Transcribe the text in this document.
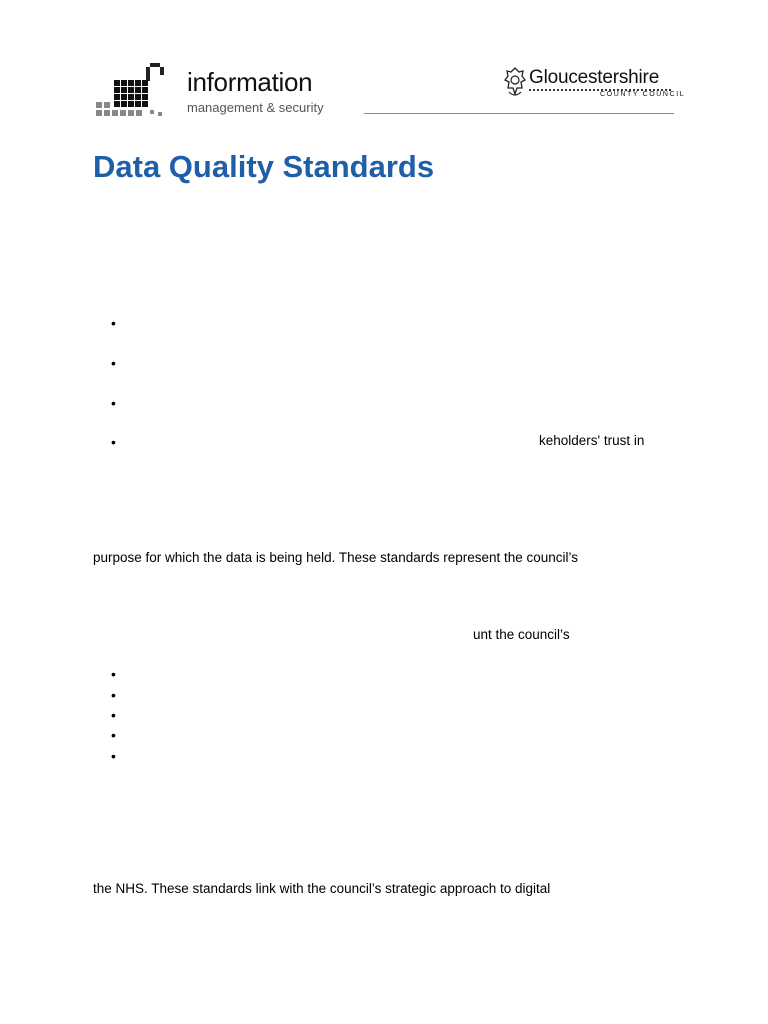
information
management & security
Gloucestershire
COUNTY COUNCIL
Data Quality Standards
•
•
•
•	keholders' trust in
purpose for which the data is being held. These standards represent the council’s
unt the council’s
•
•
•
•
•
the NHS. These standards link with the council’s strategic approach to digital
